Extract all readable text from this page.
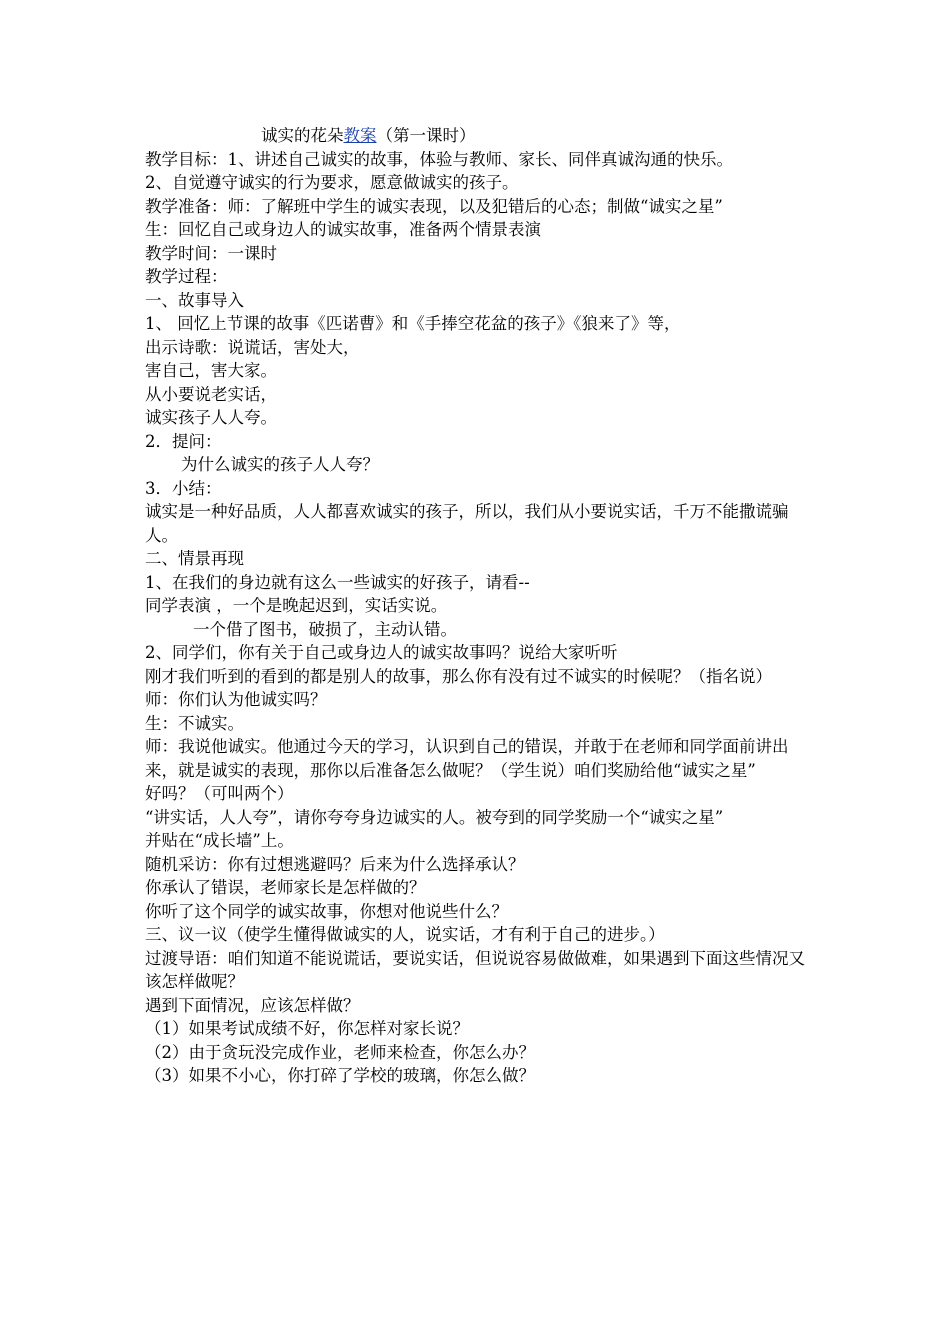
诚实的花朵教案（第一课时）

教学目标：1、讲述自己诚实的故事，体验与教师、家长、同伴真诚沟通的快乐。

2、自觉遵守诚实的行为要求，愿意做诚实的孩子。

教学准备：师：了解班中学生的诚实表现，以及犯错后的心态；制做“诚实之星”

生：回忆自己或身边人的诚实故事，准备两个情景表演

教学时间：一课时

教学过程：

一、故事导入

1、 回忆上节课的故事《匹诺曹》和《手捧空花盆的孩子》《狼来了》等，

出示诗歌：说谎话，害处大，

害自己，害大家。

从小要说老实话，

诚实孩子人人夸。

2．提问：

为什么诚实的孩子人人夸？

3．小结：

诚实是一种好品质，人人都喜欢诚实的孩子，所以，我们从小要说实话，千万不能撒谎骗人。

二、情景再现

1、在我们的身边就有这么一些诚实的好孩子，请看--

同学表演 ，一个是晚起迟到，实话实说。

一个借了图书，破损了，主动认错。

2、同学们，你有关于自己或身边人的诚实故事吗？说给大家听听

刚才我们听到的看到的都是别人的故事，那么你有没有过不诚实的时候呢？（指名说）

师：你们认为他诚实吗？

生：不诚实。

师：我说他诚实。他通过今天的学习，认识到自己的错误，并敢于在老师和同学面前讲出来，就是诚实的表现，那你以后准备怎么做呢？（学生说）咱们奖励给他“诚实之星”

好吗？（可叫两个）

“讲实话，人人夸”，请你夸夸身边诚实的人。被夸到的同学奖励一个“诚实之星”

并贴在“成长墙”上。

随机采访：你有过想逃避吗？后来为什么选择承认？

你承认了错误，老师家长是怎样做的？

你听了这个同学的诚实故事，你想对他说些什么？

三、议一议（使学生懂得做诚实的人，说实话，才有利于自己的进步。）

过渡导语：咱们知道不能说谎话，要说实话，但说说容易做做难，如果遇到下面这些情况又该怎样做呢？

遇到下面情况，应该怎样做？

（1）如果考试成绩不好，你怎样对家长说？

（2）由于贪玩没完成作业，老师来检查，你怎么办？

（3）如果不小心，你打碎了学校的玻璃，你怎么做？
